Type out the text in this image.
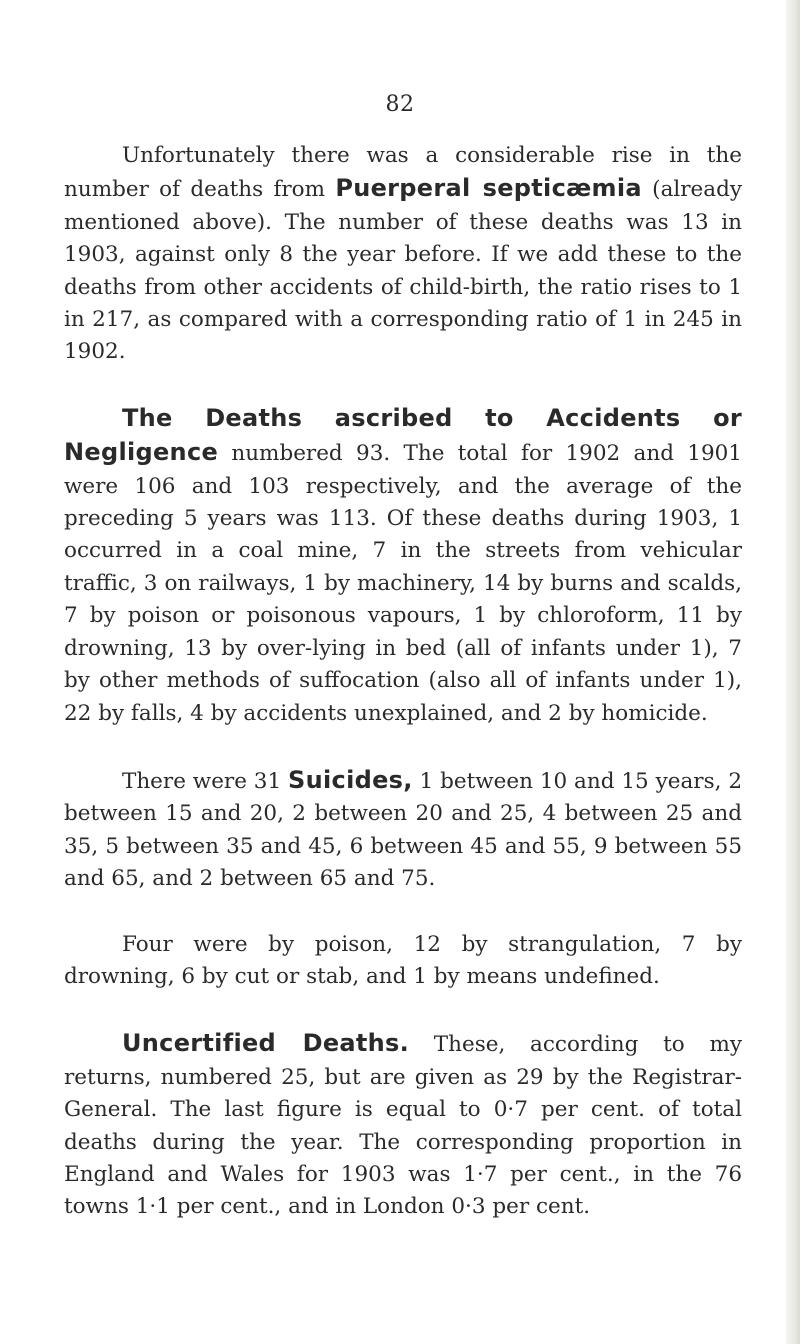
82

Unfortunately there was a considerable rise in the number of deaths from Puerperal septicæmia (already mentioned above). The number of these deaths was 13 in 1903, against only 8 the year before. If we add these to the deaths from other accidents of child-birth, the ratio rises to 1 in 217, as compared with a corresponding ratio of 1 in 245 in 1902.

The Deaths ascribed to Accidents or Negligence numbered 93. The total for 1902 and 1901 were 106 and 103 respectively, and the average of the preceding 5 years was 113. Of these deaths during 1903, 1 occurred in a coal mine, 7 in the streets from vehicular traffic, 3 on railways, 1 by machinery, 14 by burns and scalds, 7 by poison or poisonous vapours, 1 by chloroform, 11 by drowning, 13 by over-lying in bed (all of infants under 1), 7 by other methods of suffocation (also all of infants under 1), 22 by falls, 4 by accidents unexplained, and 2 by homicide.

There were 31 Suicides, 1 between 10 and 15 years, 2 between 15 and 20, 2 between 20 and 25, 4 between 25 and 35, 5 between 35 and 45, 6 between 45 and 55, 9 between 55 and 65, and 2 between 65 and 75.

Four were by poison, 12 by strangulation, 7 by drowning, 6 by cut or stab, and 1 by means undefined.

Uncertified Deaths. These, according to my returns, numbered 25, but are given as 29 by the Registrar-General. The last figure is equal to 0·7 per cent. of total deaths during the year. The corresponding proportion in England and Wales for 1903 was 1·7 per cent., in the 76 towns 1·1 per cent., and in London 0·3 per cent.
